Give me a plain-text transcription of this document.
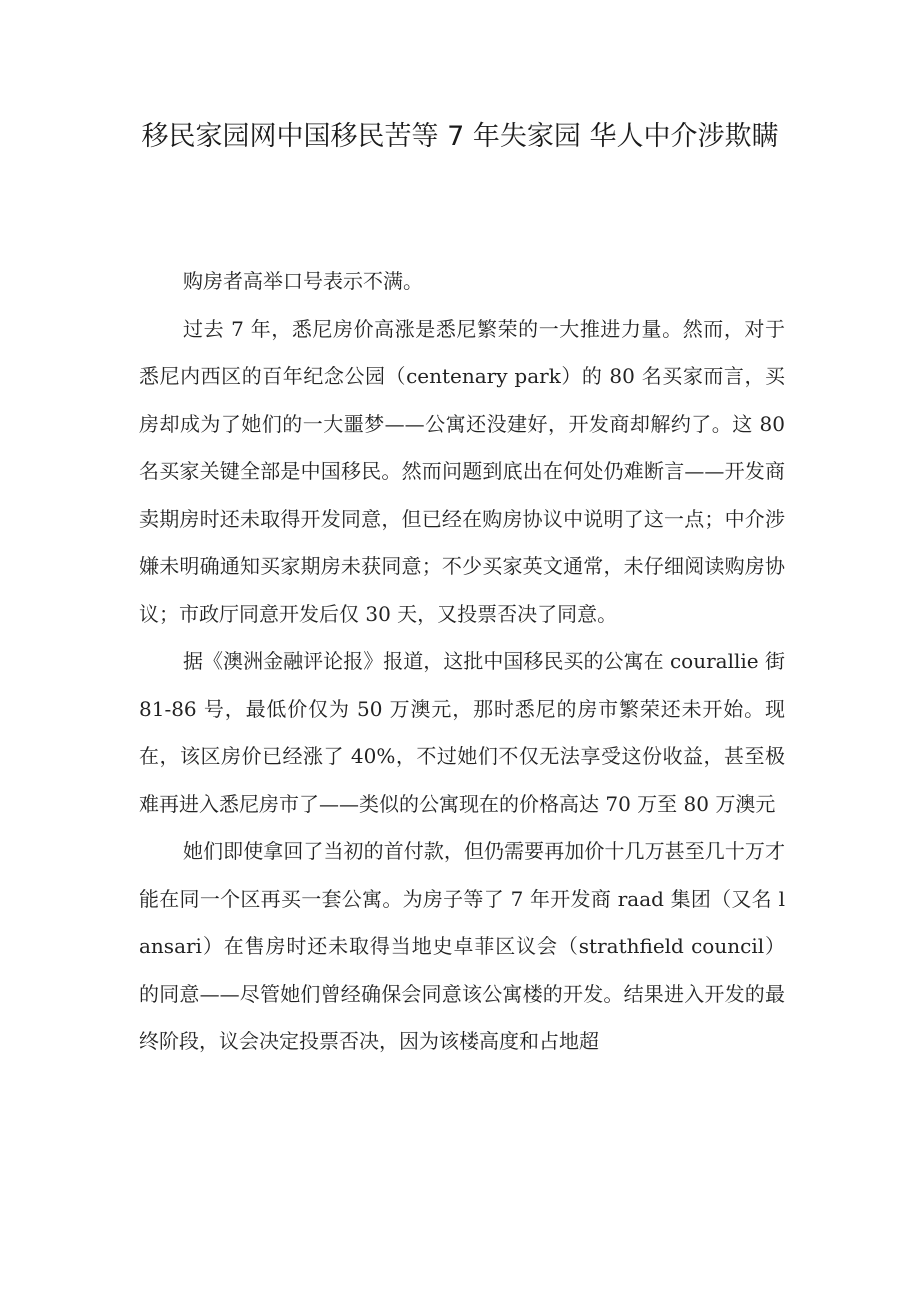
移民家园网中国移民苦等 7 年失家园 华人中介涉欺瞒

购房者高举口号表示不满。

过去 7 年，悉尼房价高涨是悉尼繁荣的一大推进力量。然而，对于悉尼内西区的百年纪念公园（centenary park）的 80 名买家而言，买房却成为了她们的一大噩梦——公寓还没建好，开发商却解约了。这 80 名买家关键全部是中国移民。然而问题到底出在何处仍难断言——开发商卖期房时还未取得开发同意，但已经在购房协议中说明了这一点；中介涉嫌未明确通知买家期房未获同意；不少买家英文通常，未仔细阅读购房协议；市政厅同意开发后仅 30 天，又投票否决了同意。

据《澳洲金融评论报》报道，这批中国移民买的公寓在 courallie 街 81-86 号，最低价仅为 50 万澳元，那时悉尼的房市繁荣还未开始。现在，该区房价已经涨了 40%，不过她们不仅无法享受这份收益，甚至极难再进入悉尼房市了——类似的公寓现在的价格高达 70 万至 80 万澳元

她们即使拿回了当初的首付款，但仍需要再加价十几万甚至几十万才能在同一个区再买一套公寓。为房子等了 7 年开发商 raad 集团（又名 lansari）在售房时还未取得当地史卓菲区议会（strathfield council）的同意——尽管她们曾经确保会同意该公寓楼的开发。结果进入开发的最终阶段，议会决定投票否决，因为该楼高度和占地超
